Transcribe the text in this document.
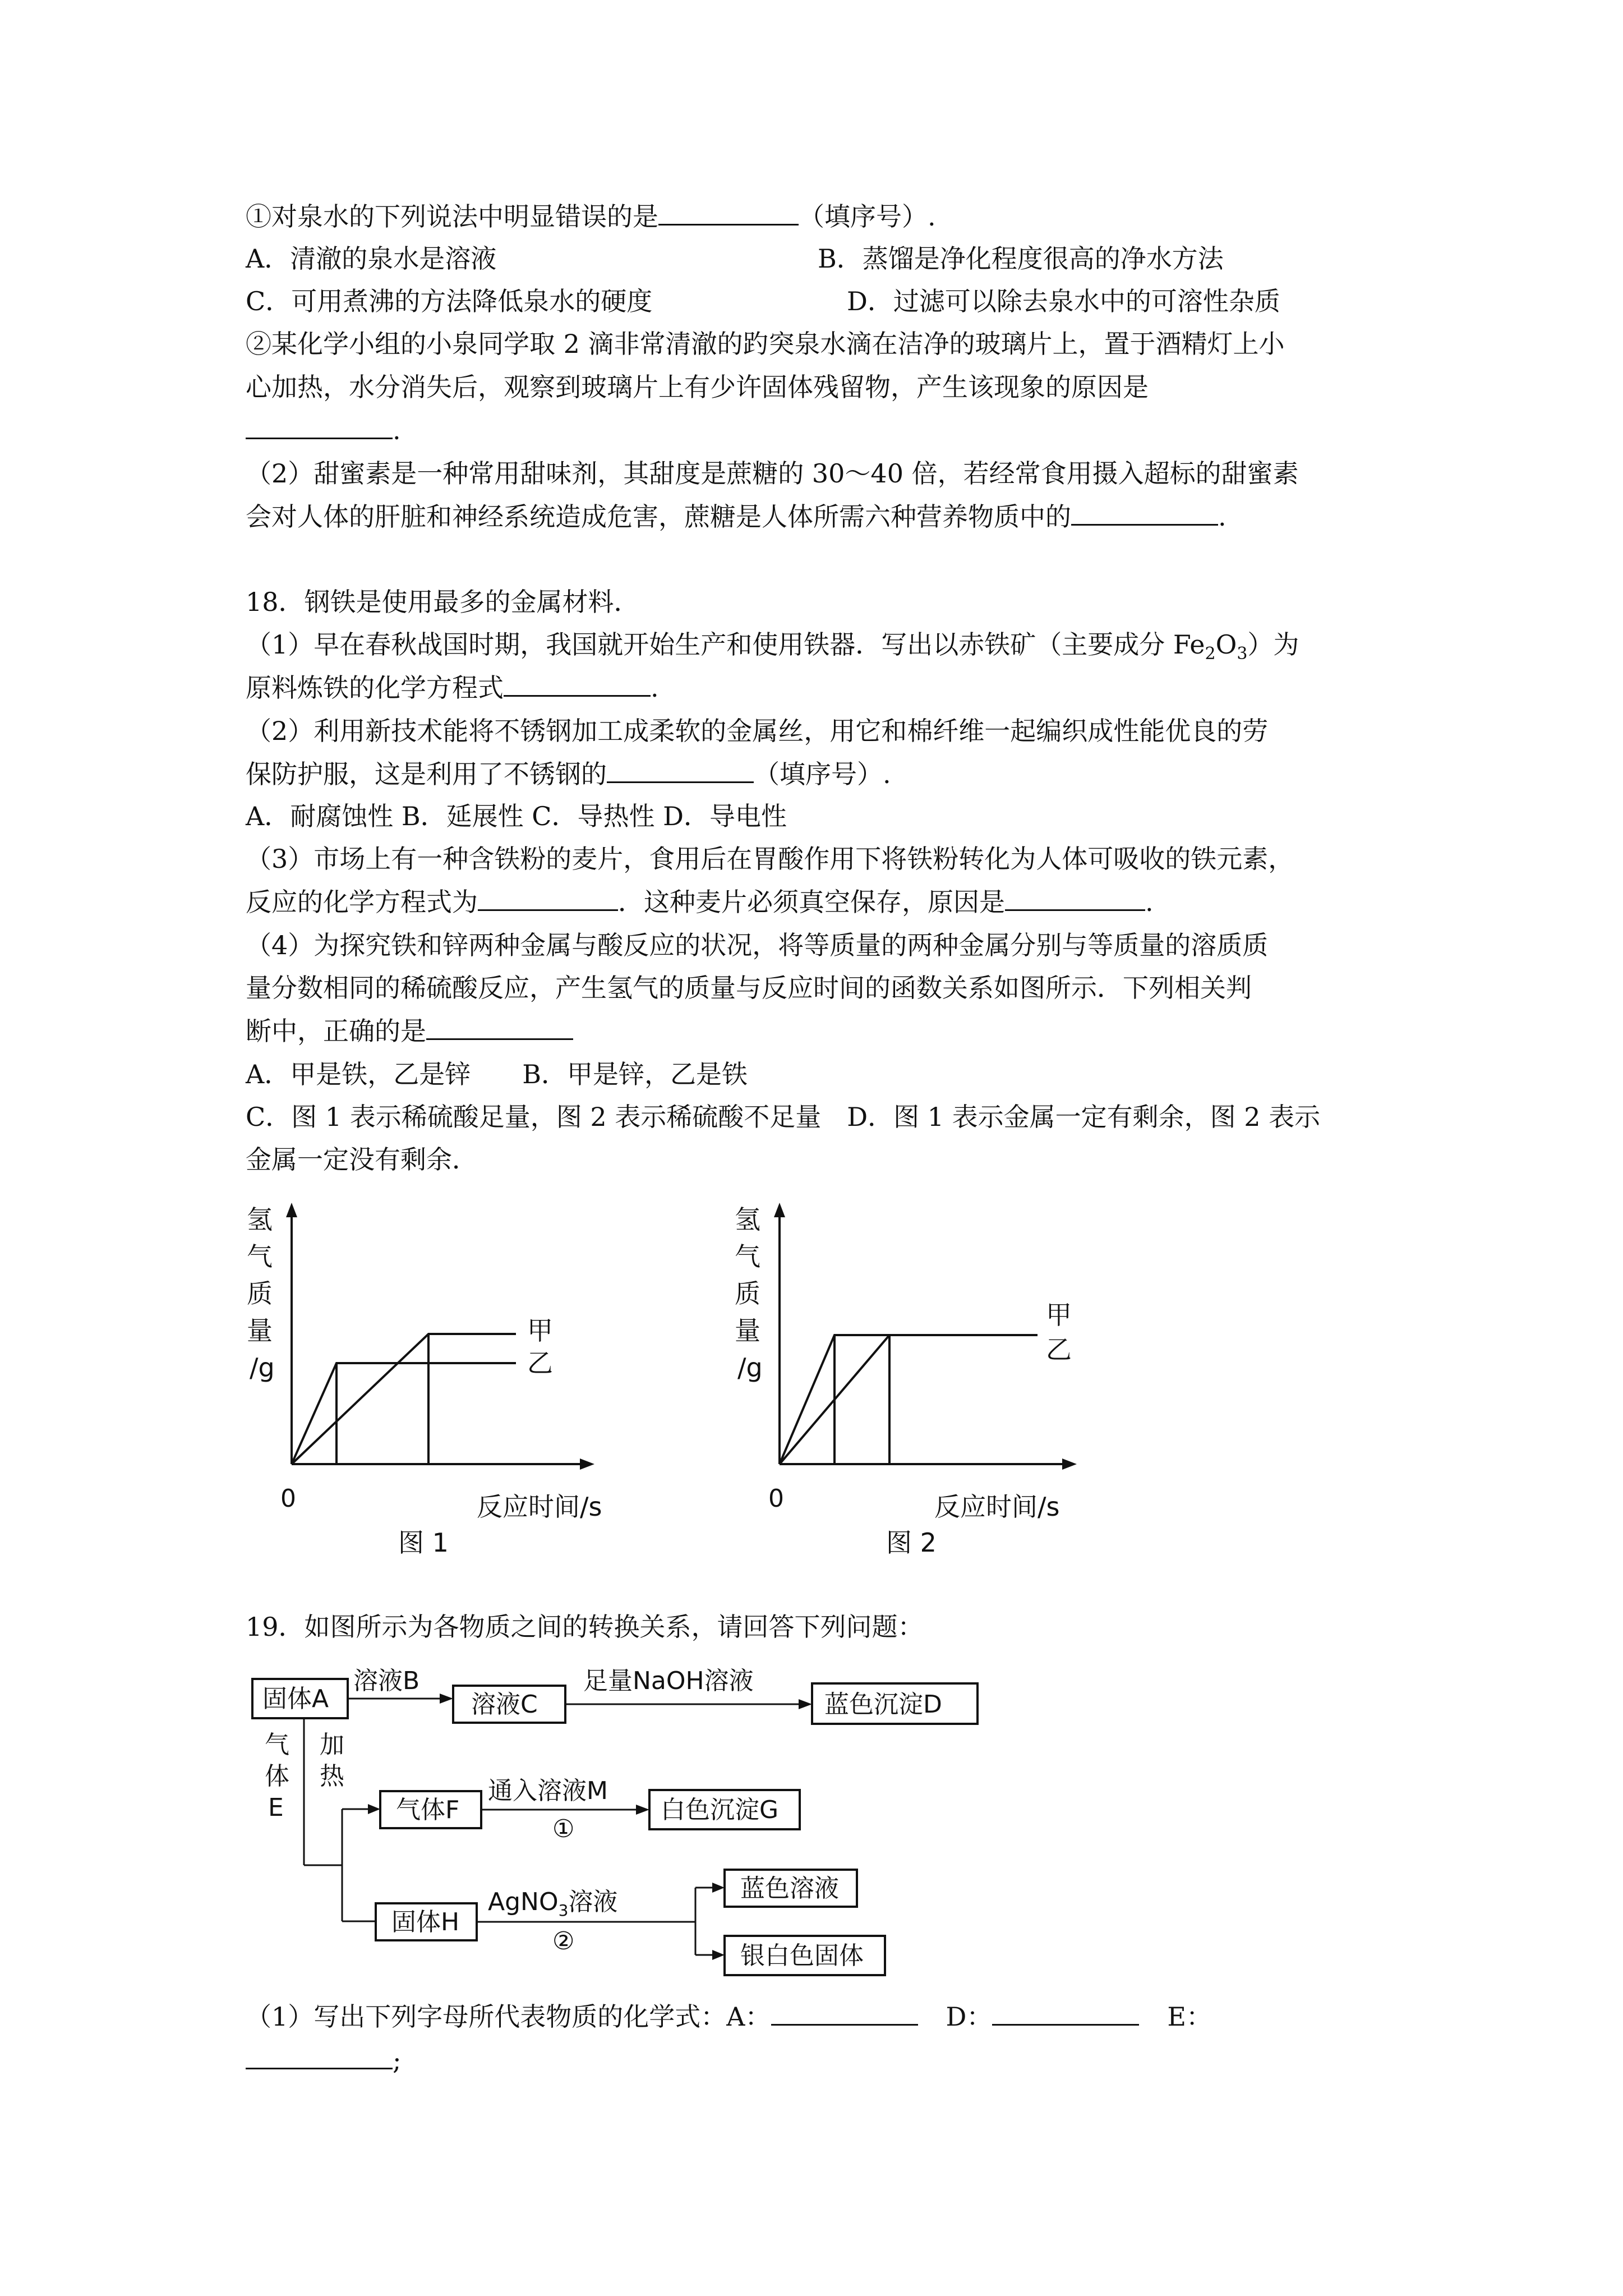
①对泉水的下列说法中明显错误的是	（填序号）.
A．清澈的泉水是溶液	B．蒸馏是净化程度很高的净水方法
C．可用煮沸的方法降低泉水的硬度	D．过滤可以除去泉水中的可溶性杂质
②某化学小组的小泉同学取 2 滴非常清澈的趵突泉水滴在洁净的玻璃片上，置于酒精灯上小
心加热，水分消失后，观察到玻璃片上有少许固体残留物，产生该现象的原因是
.
（2）甜蜜素是一种常用甜味剂，其甜度是蔗糖的 30～40 倍，若经常食用摄入超标的甜蜜素
会对人体的肝脏和神经系统造成危害，蔗糖是人体所需六种营养物质中的	.
18．钢铁是使用最多的金属材料．
（1）早在春秋战国时期，我国就开始生产和使用铁器．写出以赤铁矿（主要成分 $Fe_2O_3$）为
原料炼铁的化学方程式	.
（2）利用新技术能将不锈钢加工成柔软的金属丝，用它和棉纤维一起编织成性能优良的劳
保防护服，这是利用了不锈钢的	（填序号）.
A．耐腐蚀性 B．延展性 C．导热性 D．导电性
（3）市场上有一种含铁粉的麦片，食用后在胃酸作用下将铁粉转化为人体可吸收的铁元素，
反应的化学方程式为	．这种麦片必须真空保存，原因是	.
（4）为探究铁和锌两种金属与酸反应的状况，将等质量的两种金属分别与等质量的溶质质
量分数相同的稀硫酸反应，产生氢气的质量与反应时间的函数关系如图所示．下列相关判
断中，正确的是
A．甲是铁，乙是锌　　B．甲是锌，乙是铁
C．图 1 表示稀硫酸足量，图 2 表示稀硫酸不足量　D．图 1 表示金属一定有剩余，图 2 表示
金属一定没有剩余．
氢
气
质
量
/g
0	反应时间/s
图 1
甲
乙
氢
气
质
量
/g
0	反应时间/s
图 2
甲
乙
19．如图所示为各物质之间的转换关系，请回答下列问题：
固体A
溶液B
溶液C
足量NaOH溶液
蓝色沉淀D
气
体
E
加
热
气体F
通入溶液M
①
白色沉淀G
固体H
AgNO$_3$溶液
②
蓝色溶液
银白色固体
（1）写出下列字母所代表物质的化学式：A：	D：	E：
;
